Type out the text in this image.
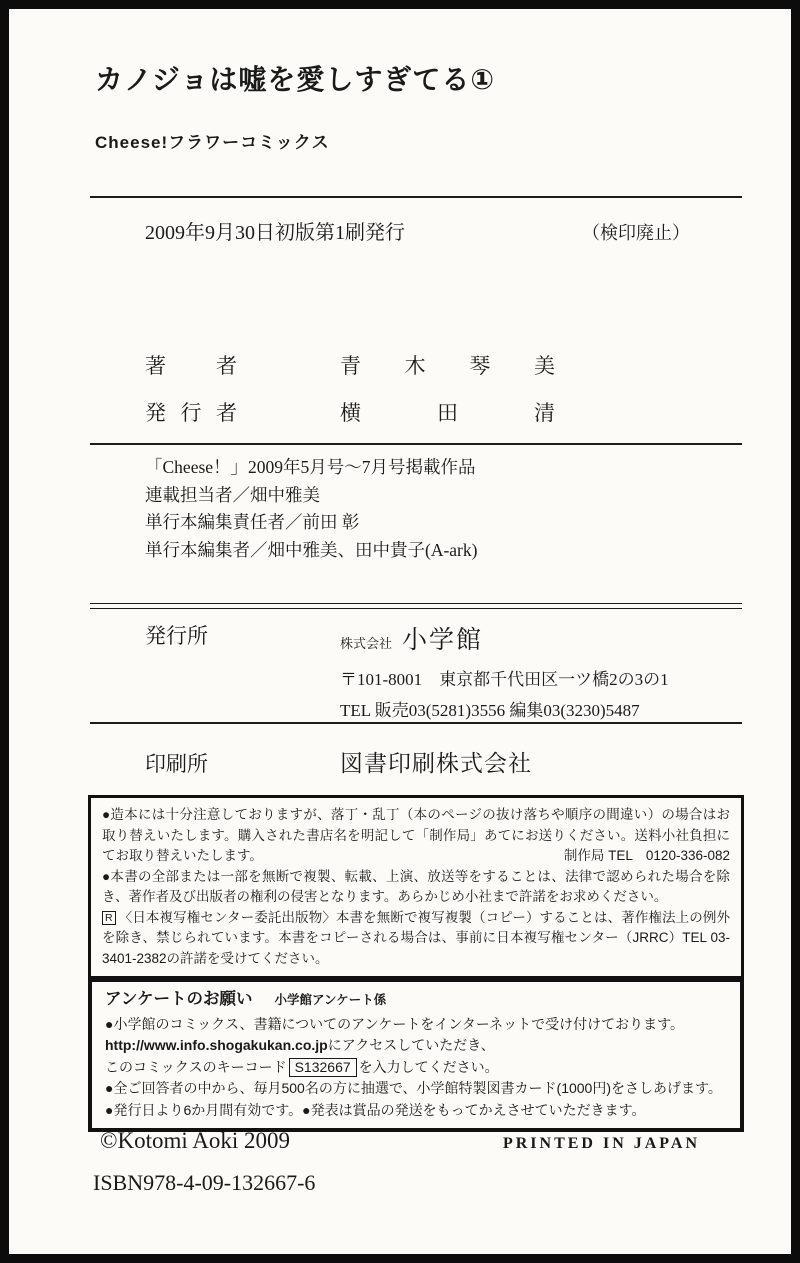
カノジョは嘘を愛しすぎてる①
Cheese!フラワーコミックス
2009年9月30日初版第1刷発行	（検印廃止）
著者	青木琴美
発行者	横田清
「Cheese！」2009年5月号～7月号掲載作品
連載担当者／畑中雅美
単行本編集責任者／前田 彰
単行本編集者／畑中雅美、田中貴子(A-ark)
発行所	株式会社 小学館
〒101-8001　東京都千代田区一ツ橋2の3の1
TEL 販売03(5281)3556 編集03(3230)5487
印刷所	図書印刷株式会社

●造本には十分注意しておりますが、落丁・乱丁（本のページの抜け落ちや順序の間違い）の場合はお取り替えいたします。購入された書店名を明記して「制作局」あてにお送りください。送料小社負担にてお取り替えいたします。	制作局 TEL　0120-336-082

●本書の全部または一部を無断で複製、転載、上演、放送等をすることは、法律で認められた場合を除き、著作者及び出版者の権利の侵害となります。あらかじめ小社まで許諾をお求めください。

R 〈日本複写権センター委託出版物〉本書を無断で複写複製（コピー）することは、著作権法上の例外を除き、禁じられています。本書をコピーされる場合は、事前に日本複写権センター（JRRC）TEL 03-3401-2382の許諾を受けてください。

アンケートのお願い 小学館アンケート係
●小学館のコミックス、書籍についてのアンケートをインターネットで受け付けております。
http://www.info.shogakukan.co.jpにアクセスしていただき、
このコミックスのキーコード S132667 を入力してください。
●全ご回答者の中から、毎月500名の方に抽選で、小学館特製図書カード(1000円)をさしあげます。
●発行日より6か月間有効です。●発表は賞品の発送をもってかえさせていただきます。
©Kotomi Aoki 2009	PRINTED IN JAPAN
ISBN978-4-09-132667-6
